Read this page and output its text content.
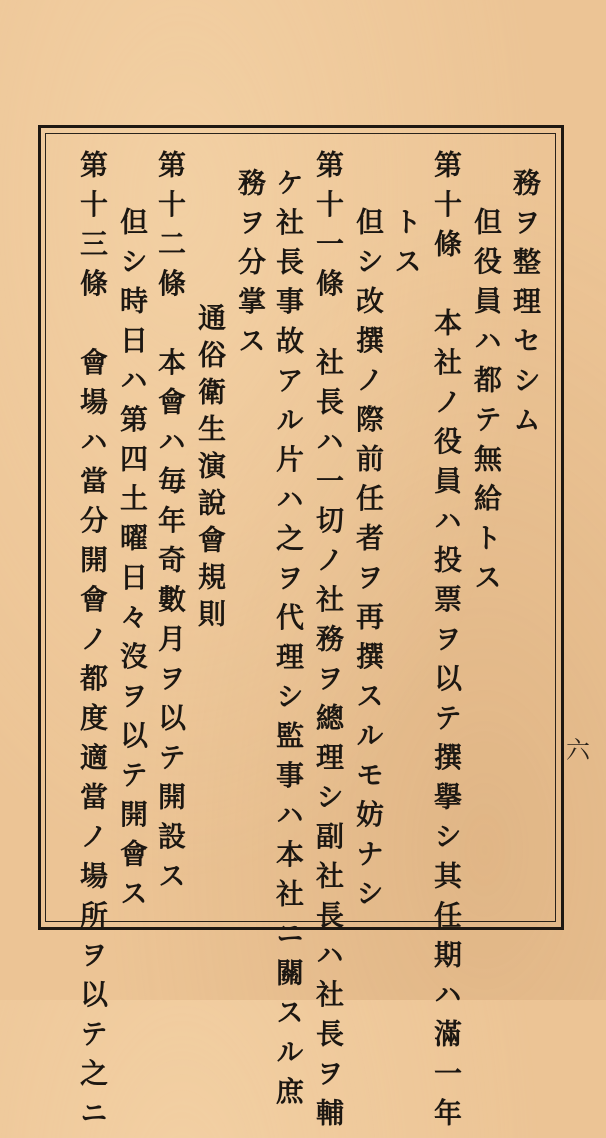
務ヲ整理セシム
但役員ハ都テ無給トス
第十條　本社ノ役員ハ投票ヲ以テ撰擧シ其任期ハ滿一年
トス
但シ改撰ノ際前任者ヲ再撰スルモ妨ナシ
第十一條　社長ハ一切ノ社務ヲ總理シ副社長ハ社長ヲ輔
ケ社長事故アル片ハ之ヲ代理シ監事ハ本社ニ關スル庶
務ヲ分掌ス
通俗衛生演說會規則
第十二條　本會ハ毎年奇數月ヲ以テ開設ス
但シ時日ハ第四土曜日々沒ヲ以テ開會ス
第十三條　會場ハ當分開會ノ都度適當ノ場所ヲ以テ之ニ	六
